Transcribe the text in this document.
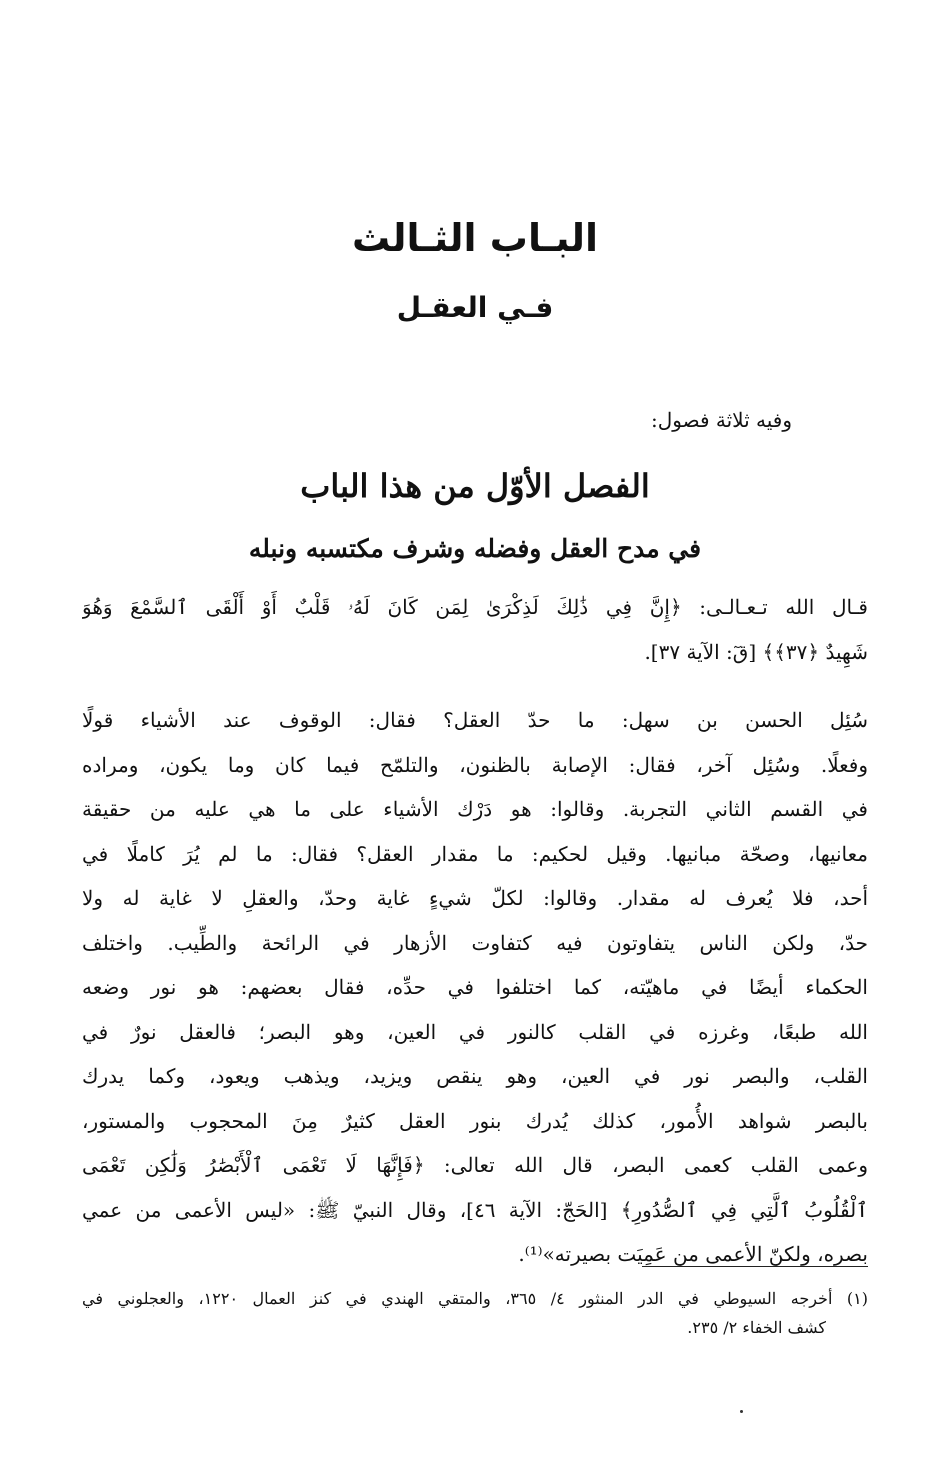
البـاب الثـالث
فـي العقـل
وفيه ثلاثة فصول:
الفصل الأوّل من هذا الباب
في مدح العقل وفضله وشرف مكتسبه ونبله
قـال الله تـعـالـى: ﴿إِنَّ فِي ذَٰلِكَ لَذِكْرَىٰ لِمَن كَانَ لَهُۥ قَلْبٌ أَوْ أَلْقَى ٱلسَّمْعَ وَهُوَ
شَهِيدٌ ﴿٣٧﴾﴾ [قٓ: الآية ٣٧].
سُئِل الحسن بن سهل: ما حدّ العقل؟ فقال: الوقوف عند الأشياء قولًا
وفعلًا. وسُئِل آخر، فقال: الإصابة بالظنون، والتلمّح فيما كان وما يكون، ومراده
في القسم الثاني التجربة. وقالوا: هو دَرْك الأشياء على ما هي عليه من حقيقة
معانيها، وصحّة مبانيها. وقيل لحكيم: ما مقدار العقل؟ فقال: ما لم يُرَ كاملًا في
أحد، فلا يُعرف له مقدار. وقالوا: لكلّ شيءٍ غاية وحدّ، والعقلِ لا غاية له ولا
حدّ، ولكن الناس يتفاوتون فيه كتفاوت الأزهار في الرائحة والطِّيب. واختلف
الحكماء أيضًا في ماهيّته، كما اختلفوا في حدِّه، فقال بعضهم: هو نور وضعه
الله طبعًا، وغرزه في القلب كالنور في العين، وهو البصر؛ فالعقل نورٌ في
القلب، والبصر نور في العين، وهو ينقص ويزيد، ويذهب ويعود، وكما يدرك
بالبصر شواهد الأُمور، كذلك يُدرك بنور العقل كثيرٌ مِنَ المحجوب والمستور،
وعمى القلب كعمى البصر، قال الله تعالى: ﴿فَإِنَّهَا لَا تَعْمَى ٱلْأَبْصَٰرُ وَلَٰكِن تَعْمَى
ٱلْقُلُوبُ ٱلَّتِي فِي ٱلصُّدُورِ﴾ [الحَجّ: الآية ٤٦]، وقال النبيّ ﷺ: «ليس الأعمى من عمي
بصره، ولكنّ الأعمى من عَمِيَت بصيرته»⁽¹⁾.
(١) أخرجه السيوطي في الدر المنثور ٤/ ٣٦٥، والمتقي الهندي في كنز العمال ١٢٢٠، والعجلوني في
كشف الخفاء ٢/ ٢٣٥.
